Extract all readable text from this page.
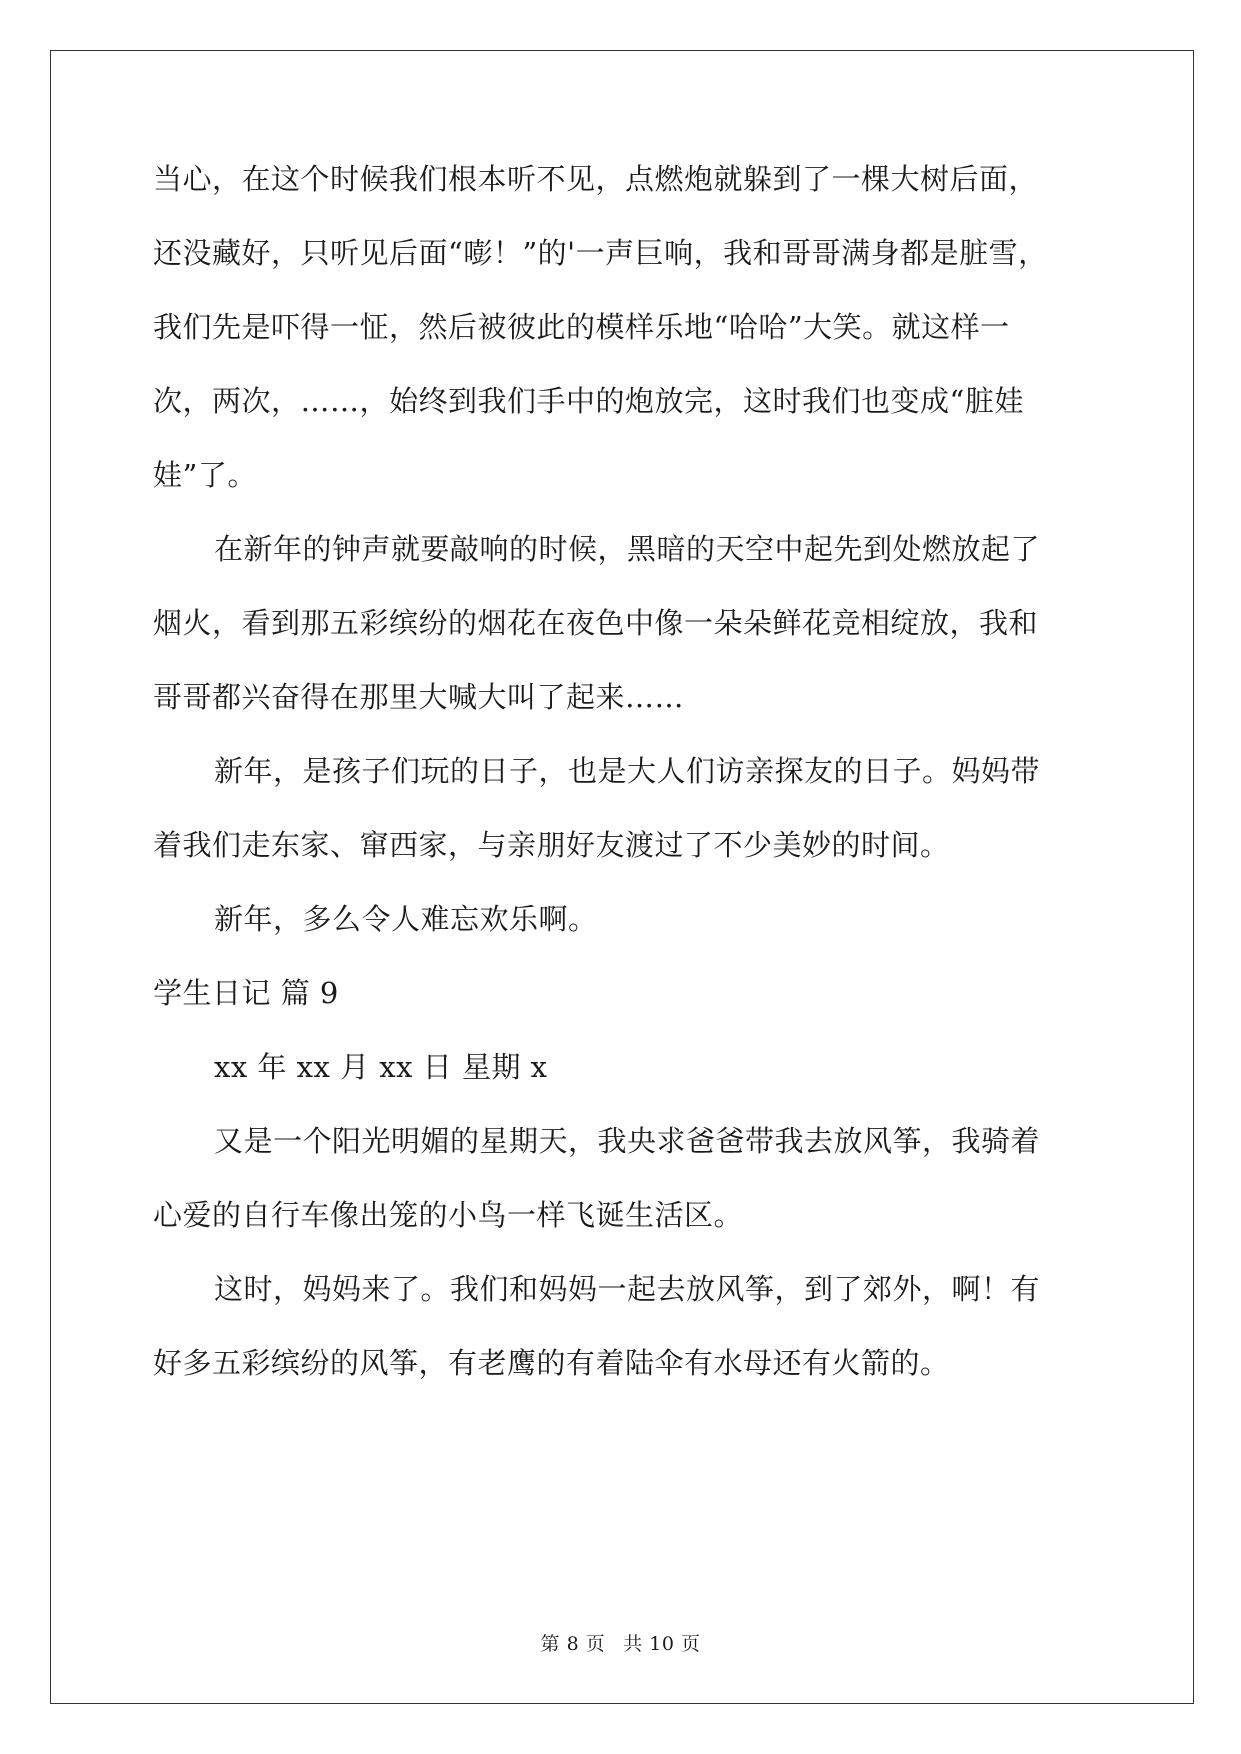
当心，在这个时候我们根本听不见，点燃炮就躲到了一棵大树后面，
还没藏好，只听见后面“嘭！”的'一声巨响，我和哥哥满身都是脏雪，
我们先是吓得一怔，然后被彼此的模样乐地“哈哈”大笑。就这样一
次，两次，……，始终到我们手中的炮放完，这时我们也变成“脏娃
娃”了。
在新年的钟声就要敲响的时候，黑暗的天空中起先到处燃放起了
烟火，看到那五彩缤纷的烟花在夜色中像一朵朵鲜花竞相绽放，我和
哥哥都兴奋得在那里大喊大叫了起来……
新年，是孩子们玩的日子，也是大人们访亲探友的日子。妈妈带
着我们走东家、窜西家，与亲朋好友渡过了不少美妙的时间。
新年，多么令人难忘欢乐啊。
学生日记 篇 9
xx 年 xx 月 xx 日 星期 x
又是一个阳光明媚的星期天，我央求爸爸带我去放风筝，我骑着
心爱的自行车像出笼的小鸟一样飞诞生活区。
这时，妈妈来了。我们和妈妈一起去放风筝，到了郊外，啊！有
好多五彩缤纷的风筝，有老鹰的有着陆伞有水母还有火箭的。
第 8 页 共 10 页
